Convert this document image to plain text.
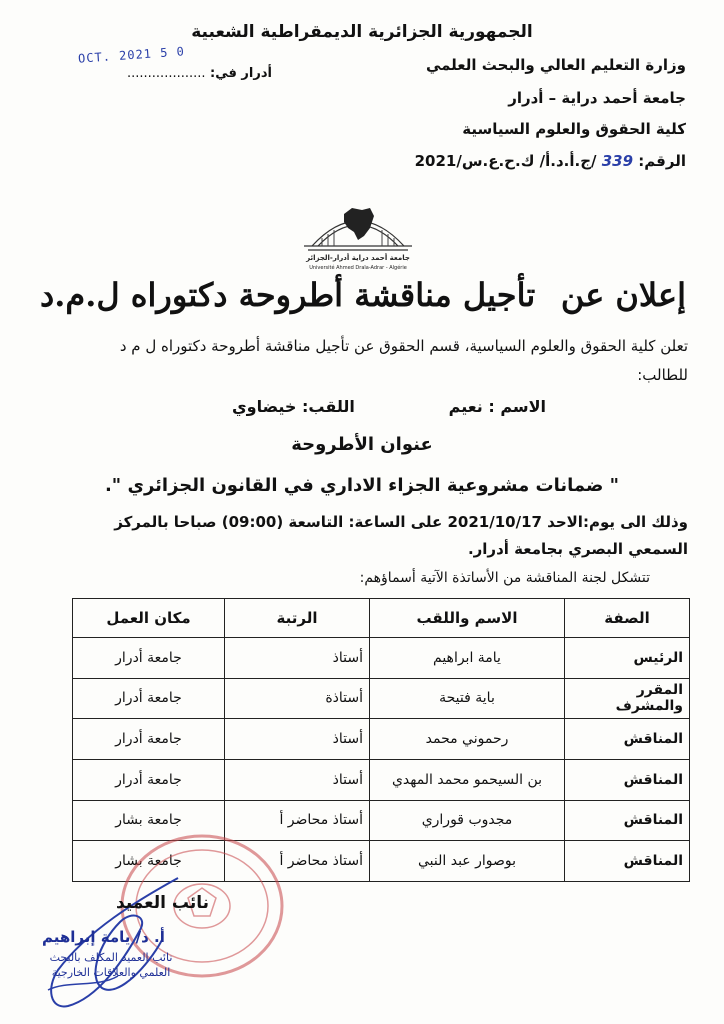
الجمهورية الجزائرية الديمقراطية الشعبية
0 5 OCT. 2021
أدرار في: ...................	وزارة التعليم العالي والبحث العلمي
جامعة أحمد دراية – أدرار
كلية الحقوق والعلوم السياسية
الرقم: 339 /ج.أ.د.أ/ ك.ح.ع.س/2021
جامعة أحمد دراية أدرار-الجزائر
Université Ahmed Draïa-Adrar - Algérie
إعلان عن
تأجيل مناقشة أطروحة دكتوراه ل.م.د
تعلن كلية الحقوق والعلوم السياسية، قسم الحقوق عن تأجيل مناقشة أطروحة دكتوراه ل م د
للطالب:
الاسم : نعيم
اللقب: خيضاوي
عنوان الأطروحة
" ضمانات مشروعية الجزاء الاداري في القانون الجزائري ".
وذلك الى يوم:الاحد 2021/10/17 على الساعة: التاسعة (09:00) صباحا بالمركز
السمعي البصري بجامعة أدرار.
تتشكل لجنة المناقشة من الأساتذة الآتية أسماؤهم:
الصفة	الاسم واللقب	الرتبة	مكان العمل
الرئيس	يامة ابراهيم	أستاذ	جامعة أدرار
المقرر والمشرف	باية فتيحة	أستاذة	جامعة أدرار
المناقش	رحموني محمد	أستاذ	جامعة أدرار
المناقش	بن السيحمو محمد المهدي	أستاذ	جامعة أدرار
المناقش	مجدوب قوراري	أستاذ محاضر أ	جامعة بشار
المناقش	بوصوار عبد النبي	أستاذ محاضر أ	جامعة بشار
نائب العميد
أ. د/ يامة إبراهيم
نائب العميد المكلف بالبحث
العلمي والعلاقات الخارجية
